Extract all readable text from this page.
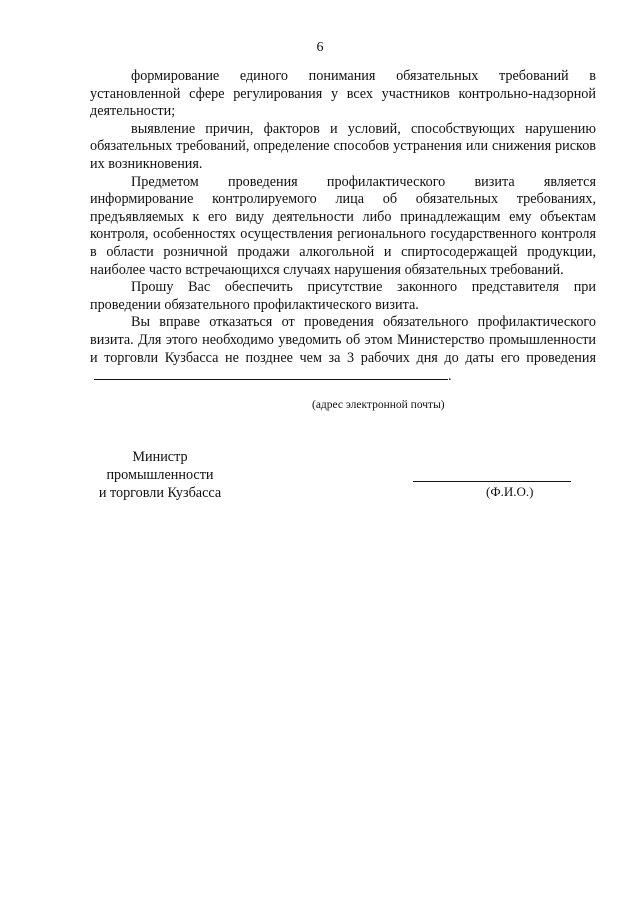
6

формирование единого понимания обязательных требований в установленной сфере регулирования у всех участников контрольно-надзорной деятельности;

выявление причин, факторов и условий, способствующих нарушению обязательных требований, определение способов устранения или снижения рисков их возникновения.

Предметом проведения профилактического визита является информирование контролируемого лица об обязательных требованиях, предъявляемых к его виду деятельности либо принадлежащим ему объектам контроля, особенностях осуществления регионального государственного контроля в области розничной продажи алкогольной и спиртосодержащей продукции, наиболее часто встречающихся случаях нарушения обязательных требований.

Прошу Вас обеспечить присутствие законного представителя при проведении обязательного профилактического визита.

Вы вправе отказаться от проведения обязательного профилактического визита. Для этого необходимо уведомить об этом Министерство промышленности и торговли Кузбасса не позднее чем за 3 рабочих дня до даты его проведения.

(адрес электронной почты)
Министр
промышленности
и торговли Кузбасса	(Ф.И.О.)
